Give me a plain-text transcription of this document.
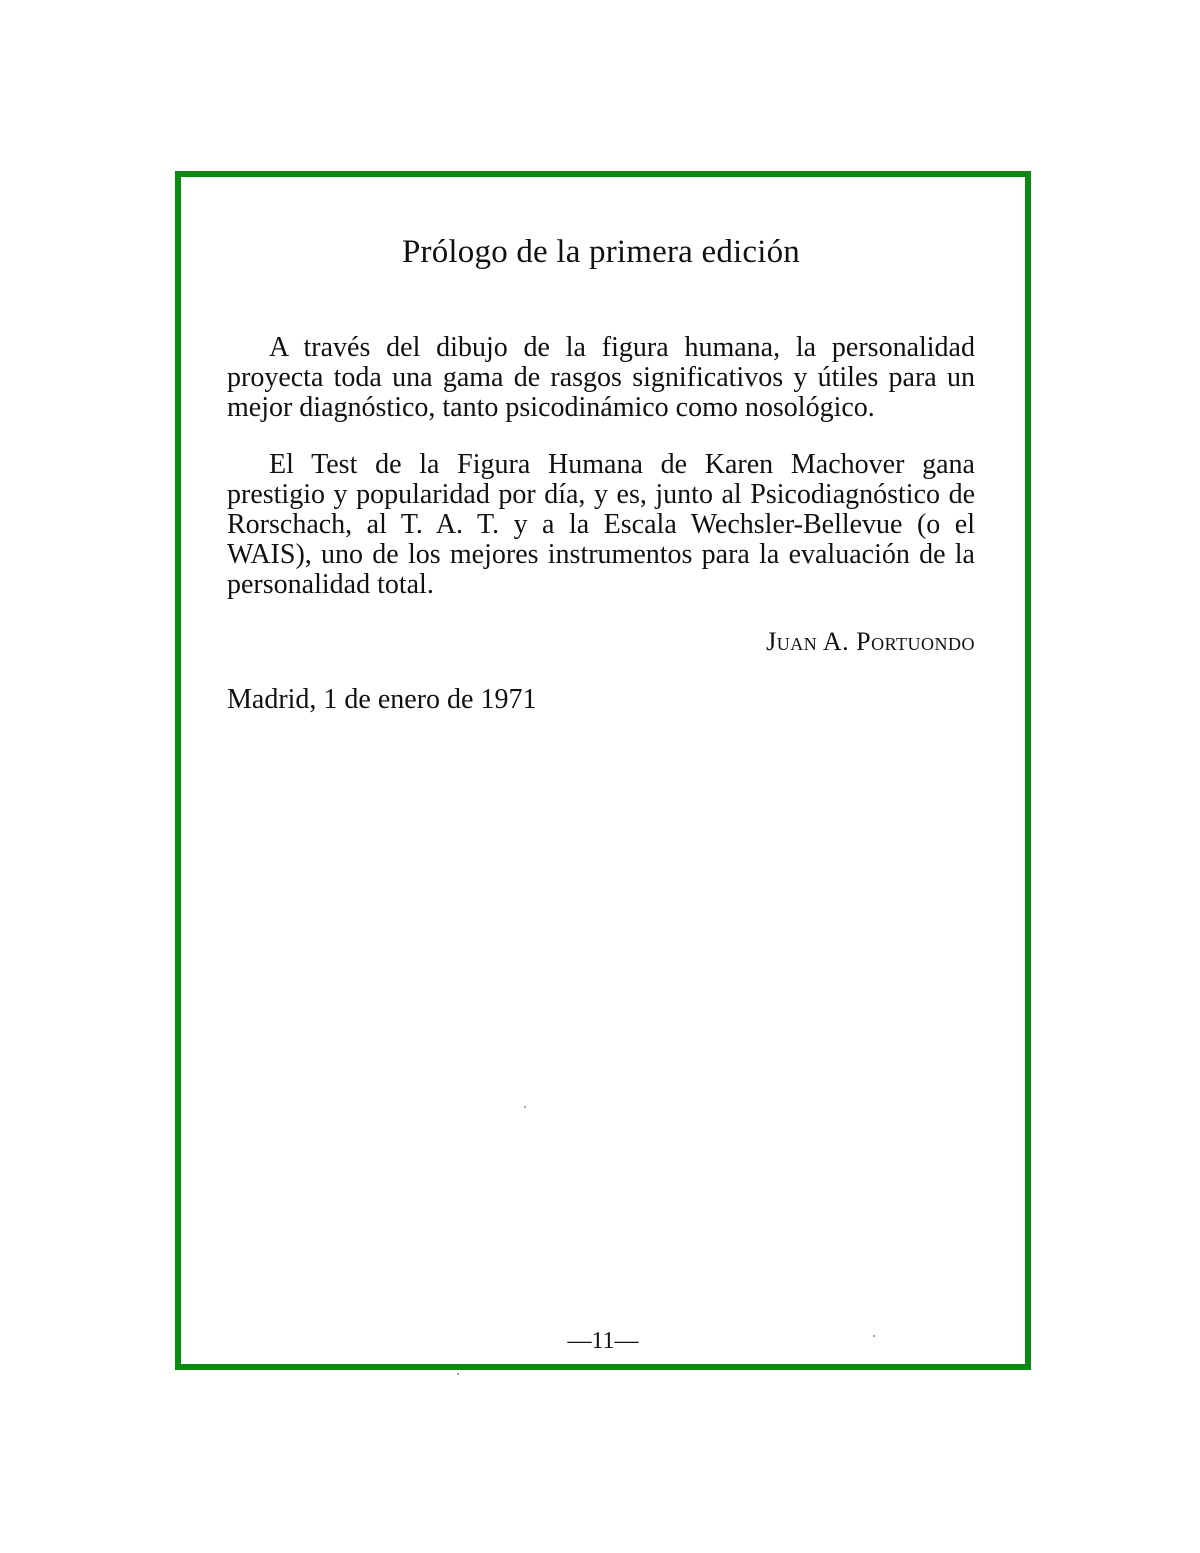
Prólogo de la primera edición

A través del dibujo de la figura humana, la personalidad proyecta toda una gama de rasgos significativos y útiles para un mejor diagnóstico, tanto psicodinámico como nosológico.

El Test de la Figura Humana de Karen Machover gana prestigio y popularidad por día, y es, junto al Psicodiagnóstico de Rorschach, al T. A. T. y a la Escala Wechsler-Bellevue (o el WAIS), uno de los mejores instrumentos para la evaluación de la personalidad total.

Juan A. Portuondo

Madrid, 1 de enero de 1971

—11—
